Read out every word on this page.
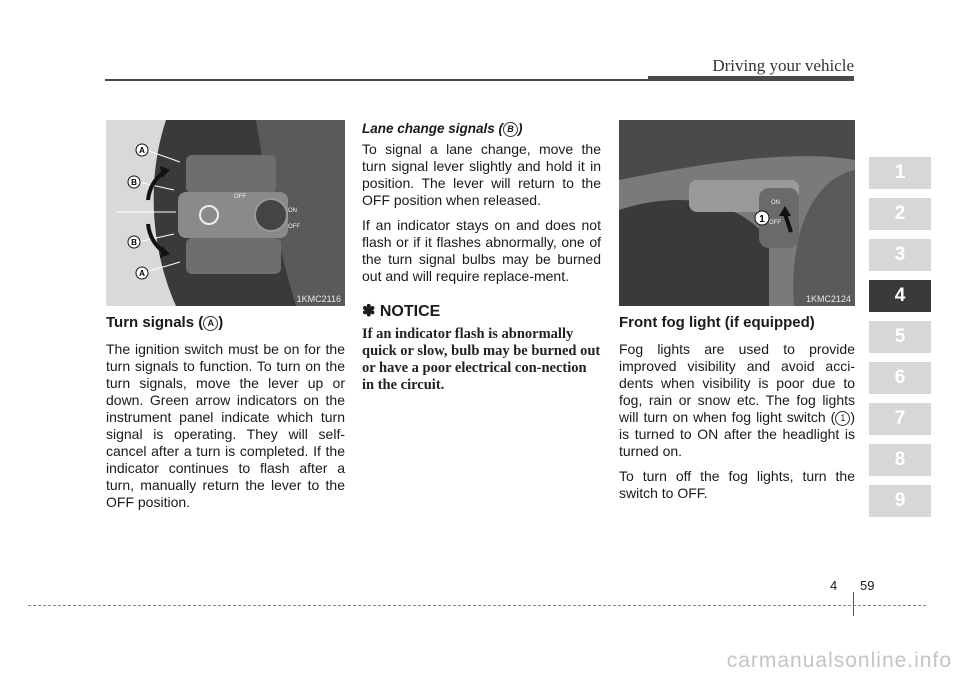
Driving your vehicle
OFF
ON
OFF
A
B
B
A
1KMC2116
ON
OFF
1
1KMC2124
Turn signals ( A )

The ignition switch must be on for the turn signals to function. To turn on the turn signals, move the lever up or down. Green arrow indicators on the instrument panel indicate which turn signal is operating. They will self-cancel after a turn is completed. If the indicator continues to flash after a turn, manually return the lever to the OFF position.

Lane change signals ( B )

To signal a lane change, move the turn signal lever slightly and hold it in position. The lever will return to the OFF position when released.

If an indicator stays on and does not flash or if it flashes abnormally, one of the turn signal bulbs may be burned out and will require replace-ment.

✽ NOTICE
If an indicator flash is abnormally quick or slow, bulb may be burned out or have a poor electrical con-nection in the circuit.
Front fog light (if equipped)

Fog lights are used to provide improved visibility and avoid acci-dents when visibility is poor due to fog, rain or snow etc. The fog lights will turn on when fog light switch ( 1 ) is turned to ON after the headlight is turned on.

To turn off the fog lights, turn the switch to OFF.

1
2
3
4
5
6
7
8
9
4 59
carmanualsonline.info
